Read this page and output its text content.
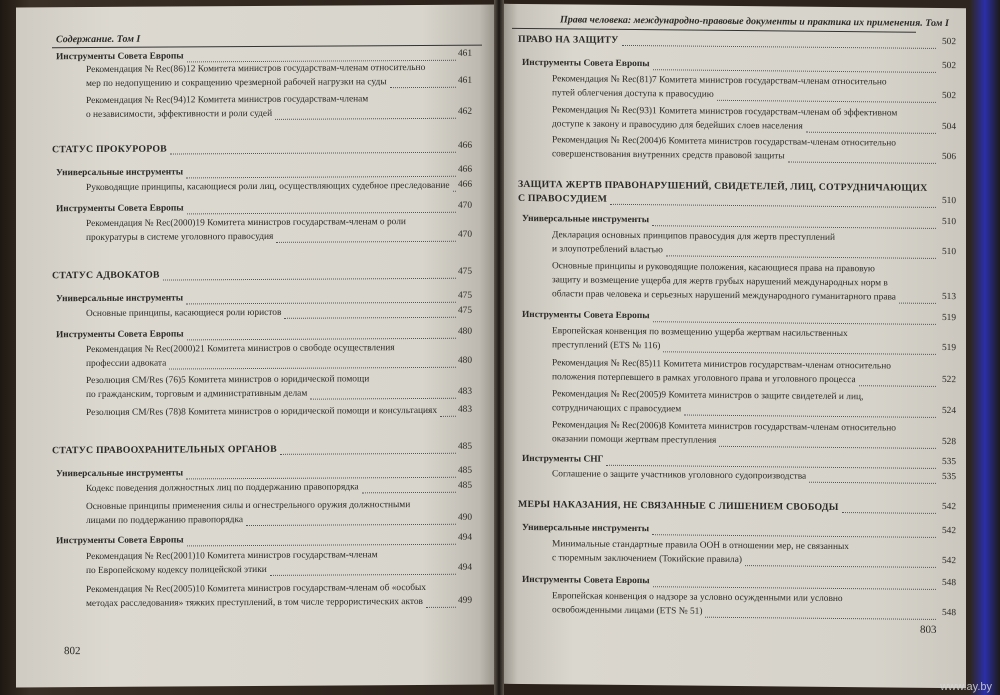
Содержание. Том I
Инструменты Совета Европы	461
Рекомендация № Rec(86)12 Комитета министров государствам-членам относительно
мер по недопущению и сокращению чрезмерной рабочей нагрузки на суды	461
Рекомендация № Rec(94)12 Комитета министров государствам-членам
о независимости, эффективности и роли судей	462
СТАТУС ПРОКУРОРОВ	466
Универсальные инструменты	466
Руководящие принципы, касающиеся роли лиц, осуществляющих судебное преследование 466
Инструменты Совета Европы	470
Рекомендация № Rec(2000)19 Комитета министров государствам-членам о роли
прокуратуры в системе уголовного правосудия	470
СТАТУС АДВОКАТОВ	475
Универсальные инструменты	475
Основные принципы, касающиеся роли юристов	475
Инструменты Совета Европы	480
Рекомендация № Rec(2000)21 Комитета министров о свободе осуществления
профессии адвоката	480
Резолюция CM/Res (76)5 Комитета министров о юридической помощи
по гражданским, торговым и административным делам	483
Резолюция CM/Res (78)8 Комитета министров о юридической помощи и консультациях 483
СТАТУС ПРАВООХРАНИТЕЛЬНЫХ ОРГАНОВ	485
Универсальные инструменты	485
Кодекс поведения должностных лиц по поддержанию правопорядка	485
Основные принципы применения силы и огнестрельного оружия должностными
лицами по поддержанию правопорядка	490
Инструменты Совета Европы	494
Рекомендация № Rec(2001)10 Комитета министров государствам-членам
по Европейскому кодексу полицейской этики	494
Рекомендация № Rec(2005)10 Комитета министров государствам-членам об «особых
методах расследования» тяжких преступлений, в том числе террористических актов	499
802
Права человека: международно-правовые документы и практика их применения. Том I
ПРАВО НА ЗАЩИТУ	502
Инструменты Совета Европы	502
Рекомендация № Rec(81)7 Комитета министров государствам-членам относительно
путей облегчения доступа к правосудию	502
Рекомендация № Rec(93)1 Комитета министров государствам-членам об эффективном
доступе к закону и правосудию для бедейших слоев населения	504
Рекомендация № Rec(2004)6 Комитета министров государствам-членам относительно
совершенствования внутренних средств правовой защиты	506
ЗАЩИТА ЖЕРТВ ПРАВОНАРУШЕНИЙ, СВИДЕТЕЛЕЙ, ЛИЦ, СОТРУДНИЧАЮЩИХ
С ПРАВОСУДИЕМ	510
Универсальные инструменты	510
Декларация основных принципов правосудия для жертв преступлений
и злоупотреблений властью	510
Основные принципы и руководящие положения, касающиеся права на правовую
защиту и возмещение ущерба для жертв грубых нарушений международных норм в
области прав человека и серьезных нарушений международного гуманитарного права	513
Инструменты Совета Европы	519
Европейская конвенция по возмещению ущерба жертвам насильственных
преступлений (ETS № 116)	519
Рекомендация № Rec(85)11 Комитета министров государствам-членам относительно
положения потерпевшего в рамках уголовного права и уголовного процесса	522
Рекомендация № Rec(2005)9 Комитета министров о защите свидетелей и лиц,
сотрудничающих с правосудием	524
Рекомендация № Rec(2006)8 Комитета министров государствам-членам относительно
оказании помощи жертвам преступления	528
Инструменты СНГ	535
Соглашение о защите участников уголовного судопроизводства	535
МЕРЫ НАКАЗАНИЯ, НЕ СВЯЗАННЫЕ С ЛИШЕНИЕМ СВОБОДЫ	542
Универсальные инструменты	542
Минимальные стандартные правила ООН в отношении мер, не связанных
с тюремным заключением (Токийские правила)	542
Инструменты Совета Европы	548
Европейская конвенция о надзоре за условно осужденными или условно
освобожденными лицами (ETS № 51)	548
803
www.ay.by
